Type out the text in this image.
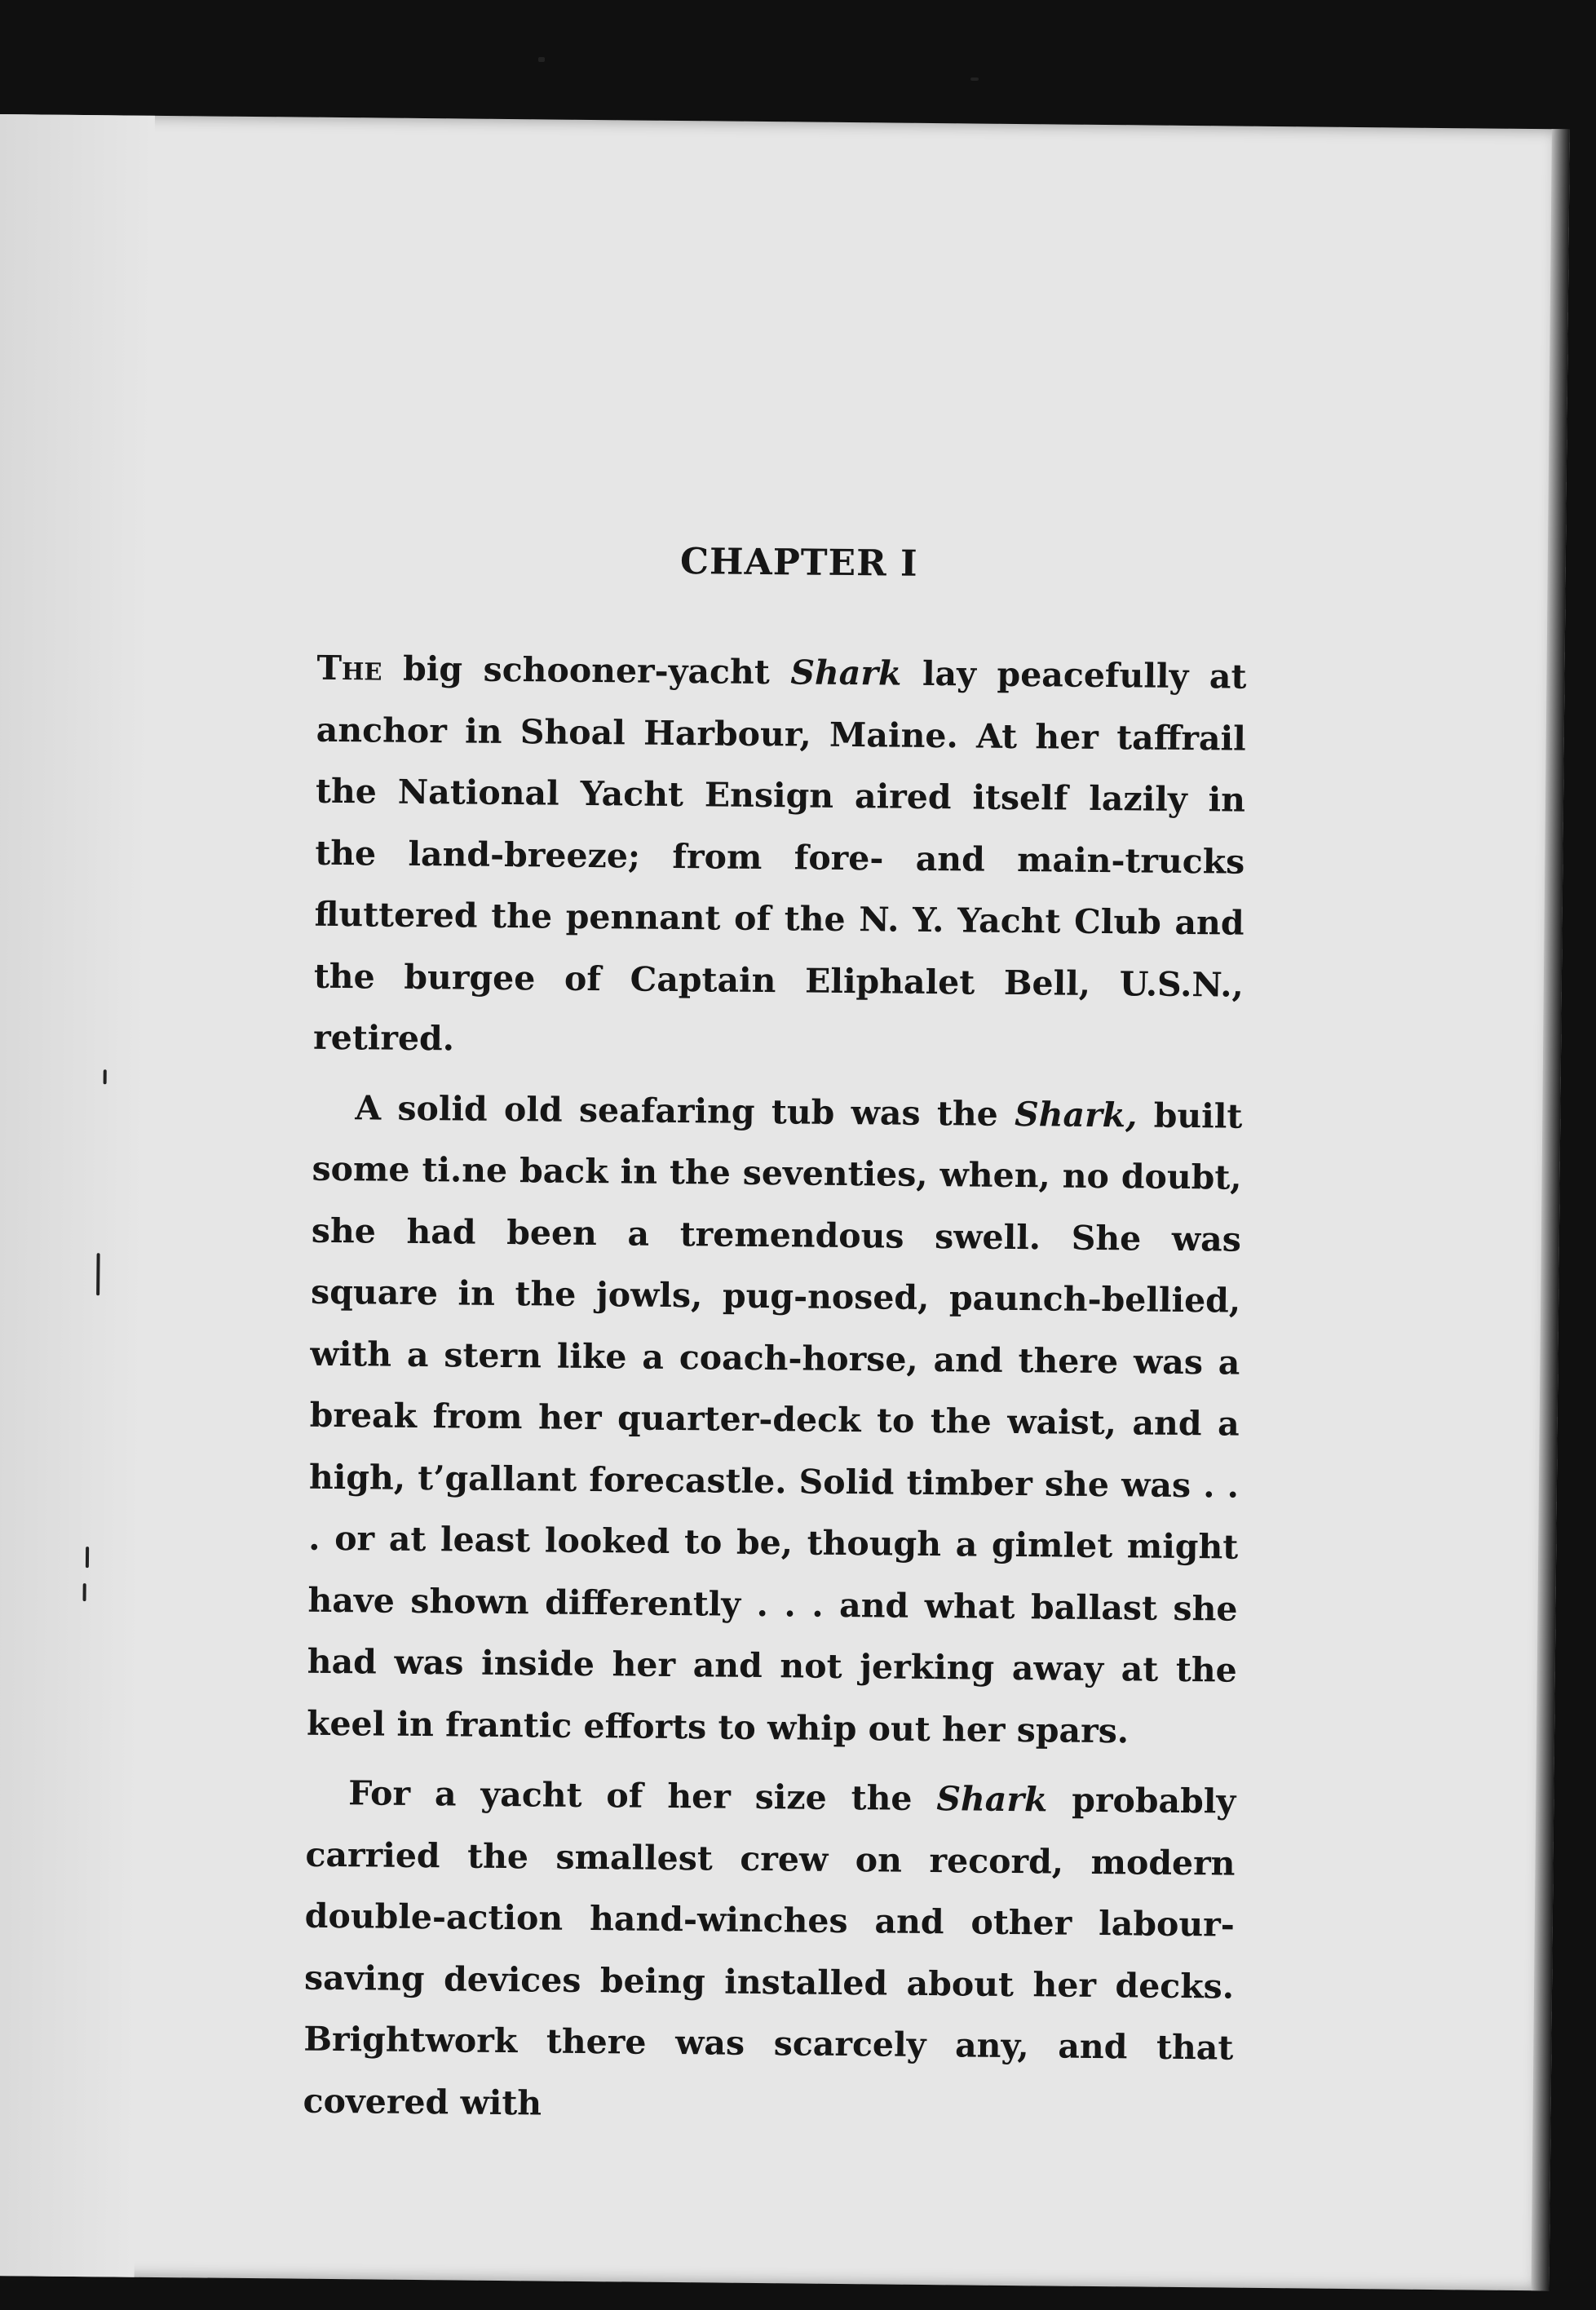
CHAPTER I

The big schooner-yacht Shark lay peacefully at anchor in Shoal Harbour, Maine. At her taffrail the National Yacht Ensign aired itself lazily in the land-breeze; from fore- and main-trucks fluttered the pennant of the N. Y. Yacht Club and the burgee of Captain Eliphalet Bell, U.S.N., retired.

A solid old seafaring tub was the Shark, built some ti.ne back in the seventies, when, no doubt, she had been a tremendous swell. She was square in the jowls, pug-nosed, paunch-bellied, with a stern like a coach-horse, and there was a break from her quarter-deck to the waist, and a high, t’gallant forecastle. Solid timber she was . . . or at least looked to be, though a gimlet might have shown differently . . . and what ballast she had was inside her and not jerking away at the keel in frantic efforts to whip out her spars.

For a yacht of her size the Shark probably carried the smallest crew on record, modern double-action hand-winches and other labour-saving devices being installed about her decks. Brightwork there was scarcely any, and that covered with
